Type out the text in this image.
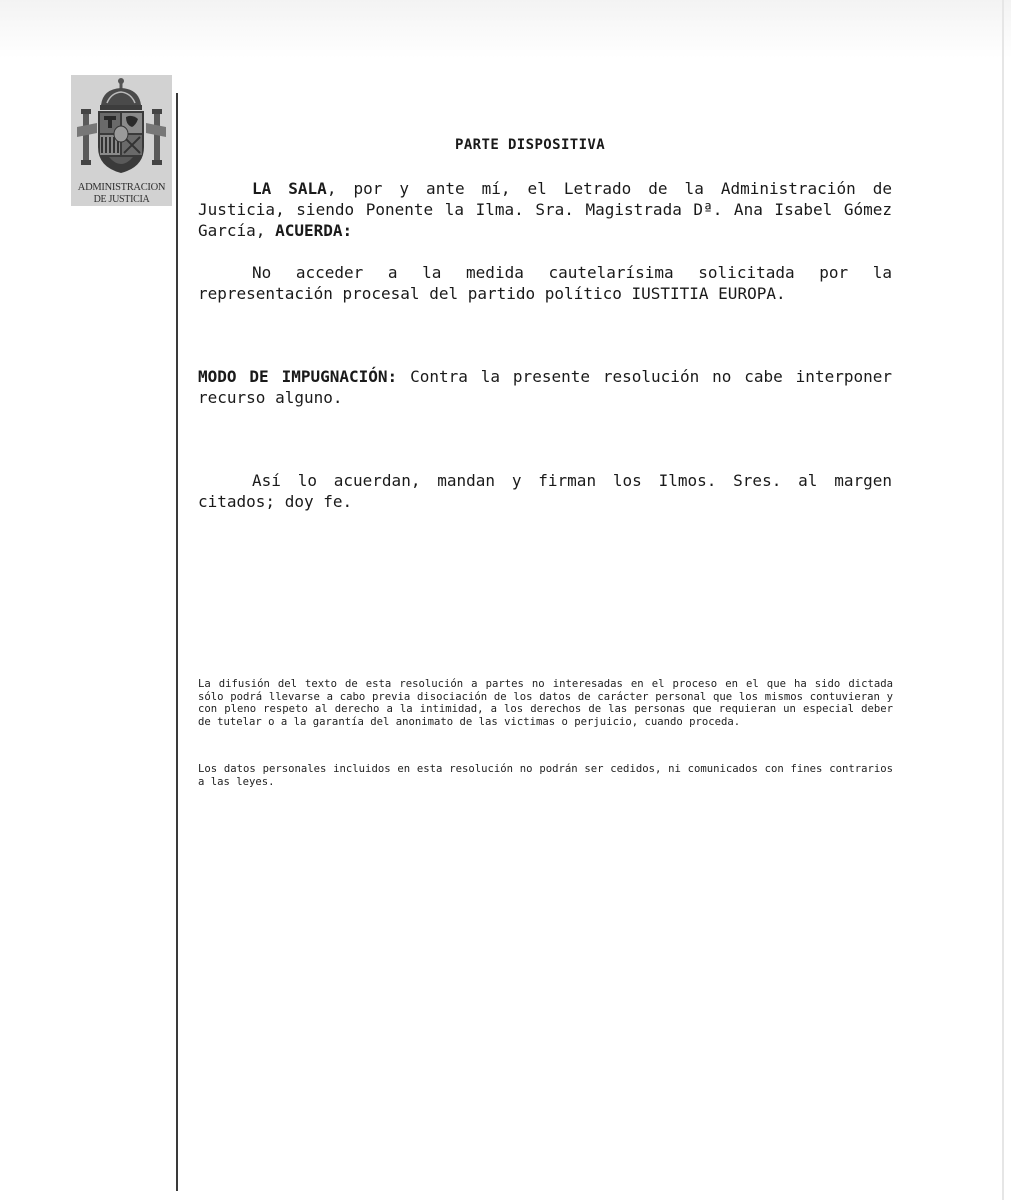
ADMINISTRACION
DE JUSTICIA
PARTE DISPOSITIVA
LA SALA, por y ante mí, el Letrado de la Administración de Justicia, siendo Ponente la Ilma. Sra. Magistrada Dª. Ana Isabel Gómez García, ACUERDA:
No acceder a la medida cautelarísima solicitada por la representación procesal del partido político IUSTITIA EUROPA.
MODO DE IMPUGNACIÓN: Contra la presente resolución no cabe interponer recurso alguno.
Así lo acuerdan, mandan y firman los Ilmos. Sres. al margen citados; doy fe.
La difusión del texto de esta resolución a partes no interesadas en el proceso en el que ha sido dictada sólo podrá llevarse a cabo previa disociación de los datos de carácter personal que los mismos contuvieran y con pleno respeto al derecho a la intimidad, a los derechos de las personas que requieran un especial deber de tutelar o a la garantía del anonimato de las victimas o perjuicio, cuando proceda.
Los datos personales incluidos en esta resolución no podrán ser cedidos, ni comunicados con fines contrarios a las leyes.
